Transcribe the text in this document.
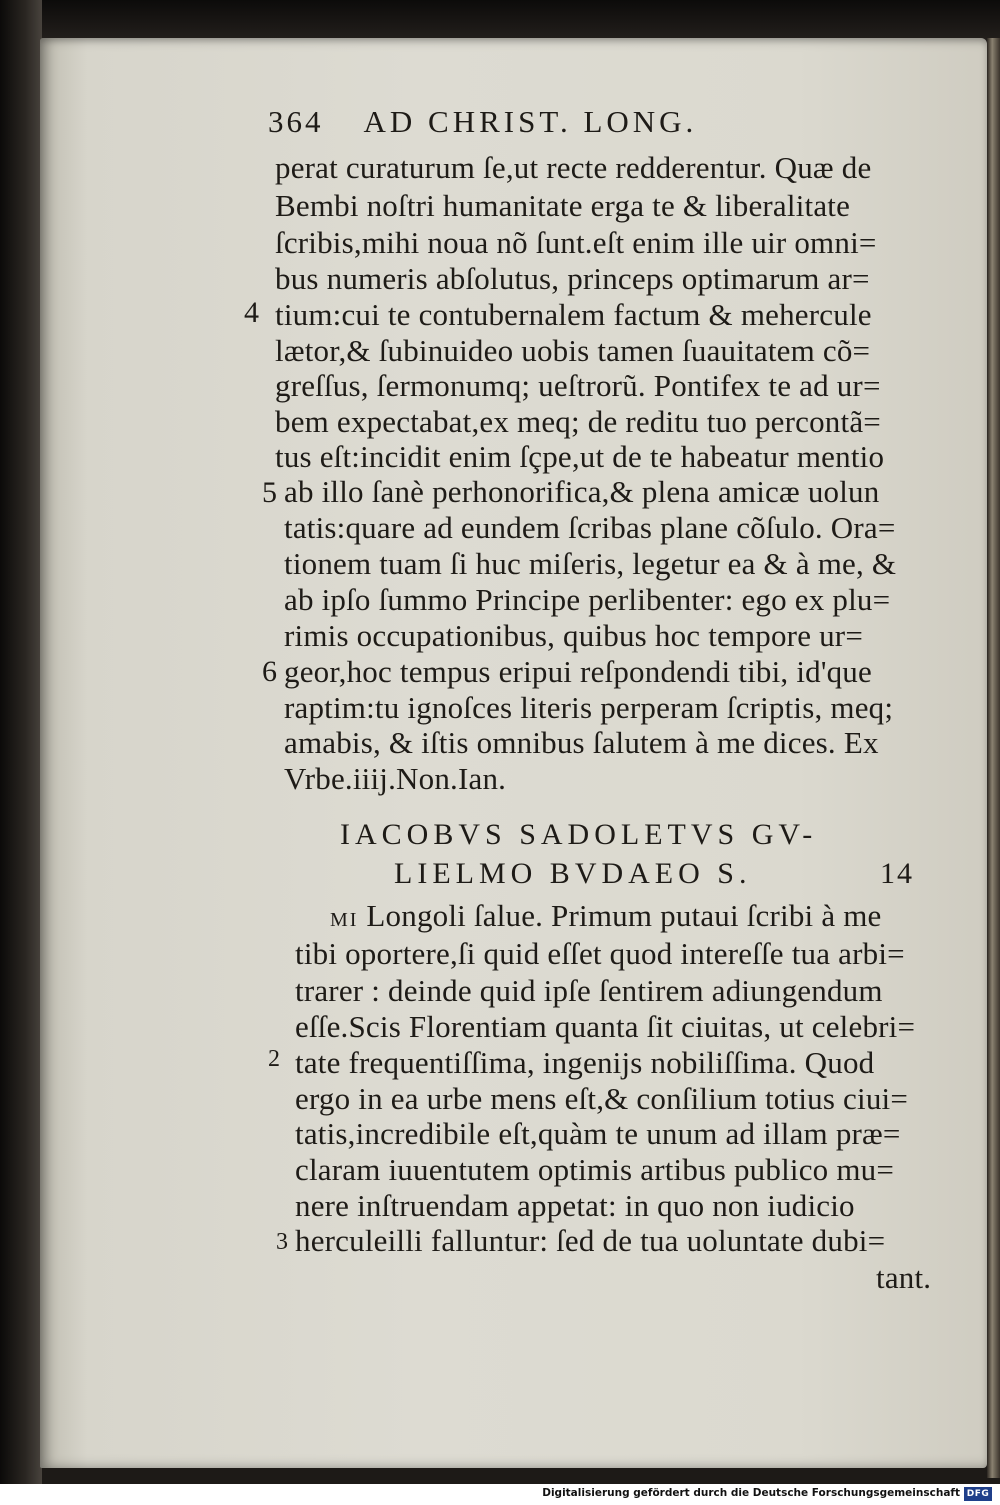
364 AD CHRIST. LONG.
perat curaturum ſe,ut recte redderentur. Quæ de
Bembi noſtri humanitate erga te & liberalitate
ſcribis,mihi noua nõ ſunt.eſt enim ille uir omni=
bus numeris abſolutus, princeps optimarum ar=
tium:cui te contubernalem factum & mehercule
lætor,& ſubinuideo uobis tamen ſuauitatem cõ=
greſſus, ſermonumq; ueſtrorũ. Pontifex te ad ur=
bem expectabat,ex meq; de reditu tuo percontã=
tus eſt:incidit enim ſçpe,ut de te habeatur mentio
ab illo ſanè perhonorifica,& plena amicæ uolun
tatis:quare ad eundem ſcribas plane cõſulo. Ora=
tionem tuam ſi huc miſeris, legetur ea & à me, &
ab ipſo ſummo Principe perlibenter: ego ex plu=
rimis occupationibus, quibus hoc tempore ur=
geor,hoc tempus eripui reſpondendi tibi, id'que
raptim:tu ignoſces literis perperam ſcriptis, meq;
amabis, & iſtis omnibus ſalutem à me dices. Ex
Vrbe.iiij.Non.Ian.
4
5
6
IACOBVS SADOLETVS GV-
LIELMO BVDAEO S.	14
MI Longoli ſalue. Primum putaui ſcribi à me
tibi oportere,ſi quid eſſet quod intereſſe tua arbi=
trarer : deinde quid ipſe ſentirem adiungendum
eſſe.Scis Florentiam quanta ſit ciuitas, ut celebri=
tate frequentiſſima, ingenijs nobiliſſima. Quod
ergo in ea urbe mens eſt,& conſilium totius ciui=
tatis,incredibile eſt,quàm te unum ad illam præ=
claram iuuentutem optimis artibus publico mu=
nere inſtruendam appetat: in quo non iudicio
herculeilli falluntur: ſed de tua uoluntate dubi=
tant.
2
3
Digitalisierung gefördert durch die Deutsche Forschungsgemeinschaft DFG
